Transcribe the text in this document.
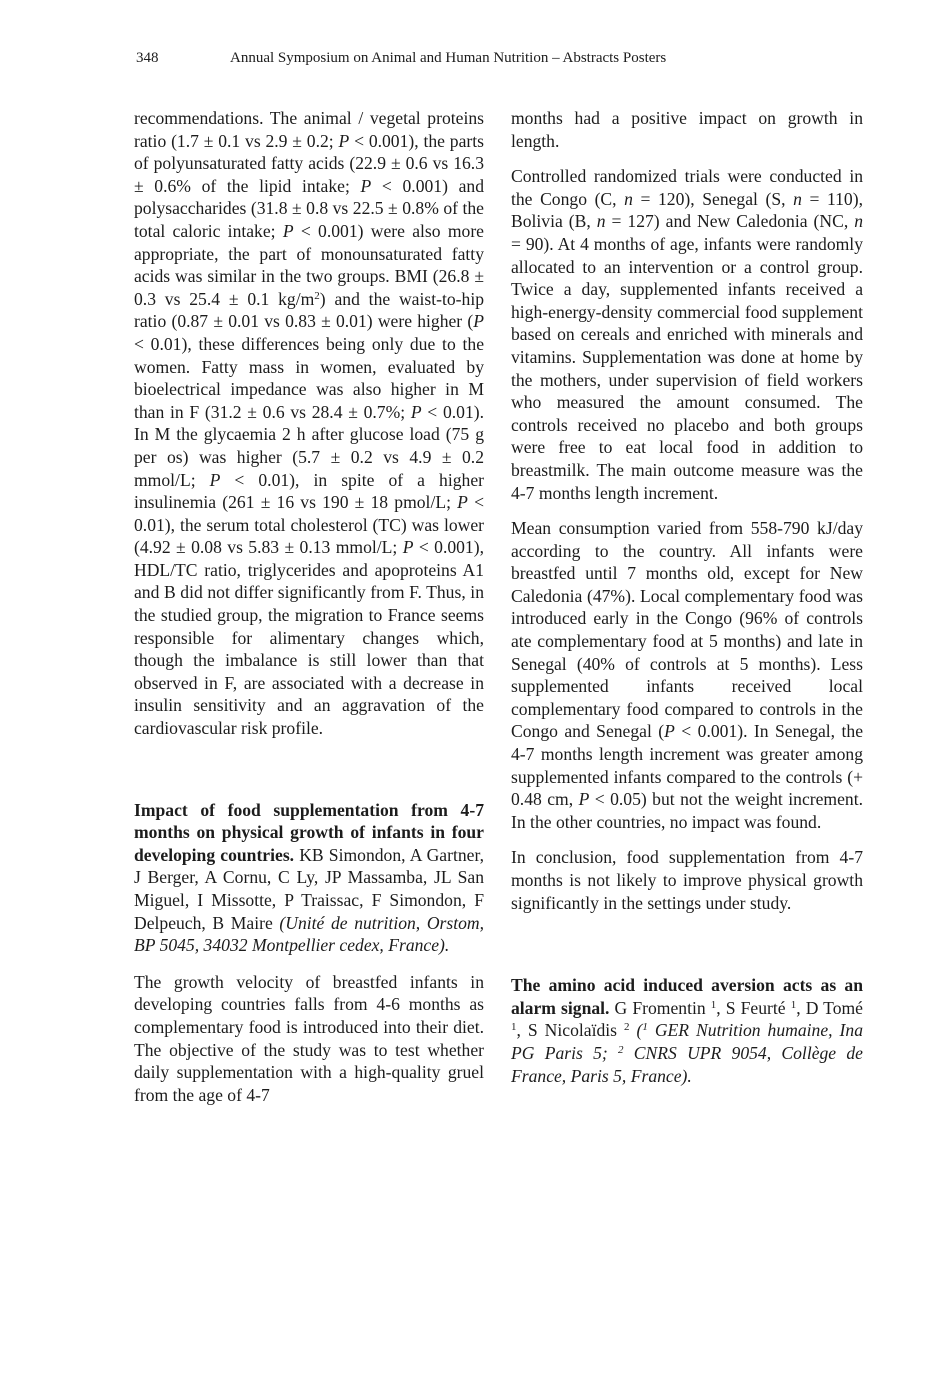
348	Annual Symposium on Animal and Human Nutrition – Abstracts Posters

recommendations. The animal / vegetal proteins ratio (1.7 ± 0.1 vs 2.9 ± 0.2; P < 0.001), the parts of polyunsaturated fatty acids (22.9 ± 0.6 vs 16.3 ± 0.6% of the lipid intake; P < 0.001) and polysaccharides (31.8 ± 0.8 vs 22.5 ± 0.8% of the total caloric intake; P < 0.001) were also more appropriate, the part of monounsaturated fatty acids was similar in the two groups. BMI (26.8 ± 0.3 vs 25.4 ± 0.1 $kg/m^2$) and the waist-to-hip ratio (0.87 ± 0.01 vs 0.83 ± 0.01) were higher (P < 0.01), these differences being only due to the women. Fatty mass in women, evaluated by bioelectrical impedance was also higher in M than in F (31.2 ± 0.6 vs 28.4 ± 0.7%; P < 0.01). In M the glycaemia 2 h after glucose load (75 g per os) was higher (5.7 ± 0.2 vs 4.9 ± 0.2 mmol/L; P < 0.01), in spite of a higher insulinemia (261 ± 16 vs 190 ± 18 pmol/L; P < 0.01), the serum total cholesterol (TC) was lower (4.92 ± 0.08 vs 5.83 ± 0.13 mmol/L; P < 0.001), HDL/TC ratio, triglycerides and apoproteins A1 and B did not differ significantly from F. Thus, in the studied group, the migration to France seems responsible for alimentary changes which, though the imbalance is still lower than that observed in F, are associated with a decrease in insulin sensitivity and an aggravation of the cardiovascular risk profile.

Impact of food supplementation from 4-7 months on physical growth of infants in four developing countries. KB Simondon, A Gartner, J Berger, A Cornu, C Ly, JP Massamba, JL San Miguel, I Missotte, P Traissac, F Simondon, F Delpeuch, B Maire (Unité de nutrition, Orstom, BP 5045, 34032 Montpellier cedex, France).

The growth velocity of breastfed infants in developing countries falls from 4-6 months as complementary food is introduced into their diet. The objective of the study was to test whether daily supplementation with a high-quality gruel from the age of 4-7

months had a positive impact on growth in length.

Controlled randomized trials were conducted in the Congo (C, n = 120), Senegal (S, n = 110), Bolivia (B, n = 127) and New Caledonia (NC, n = 90). At 4 months of age, infants were randomly allocated to an intervention or a control group. Twice a day, supplemented infants received a high-energy-density commercial food supplement based on cereals and enriched with minerals and vitamins. Supplementation was done at home by the mothers, under supervision of field workers who measured the amount consumed. The controls received no placebo and both groups were free to eat local food in addition to breastmilk. The main outcome measure was the 4-7 months length increment.

Mean consumption varied from 558-790 kJ/day according to the country. All infants were breastfed until 7 months old, except for New Caledonia (47%). Local complementary food was introduced early in the Congo (96% of controls ate complementary food at 5 months) and late in Senegal (40% of controls at 5 months). Less supplemented infants received local complementary food compared to controls in the Congo and Senegal (P < 0.001). In Senegal, the 4-7 months length increment was greater among supplemented infants compared to the controls (+ 0.48 cm, P < 0.05) but not the weight increment. In the other countries, no impact was found.

In conclusion, food supplementation from 4-7 months is not likely to improve physical growth significantly in the settings under study.

The amino acid induced aversion acts as an alarm signal. G Fromentin $^1$, S Feurté $^1$, D Tomé $^1$, S Nicolaïdis $^2$ ($^1$ GER Nutrition humaine, Ina PG Paris 5; $^2$ CNRS UPR 9054, Collège de France, Paris 5, France).
